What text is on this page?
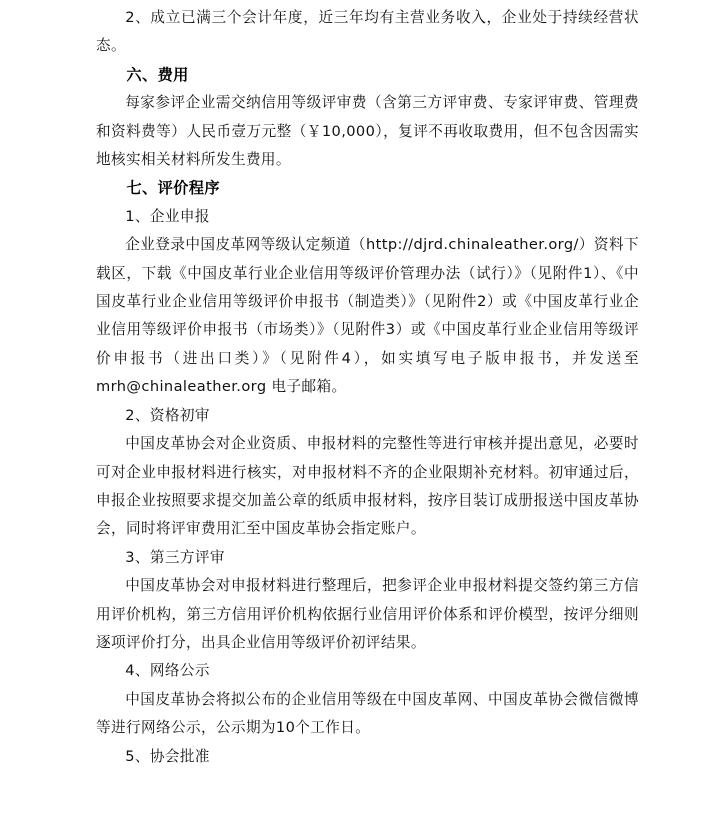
2、成立已满三个会计年度，近三年均有主营业务收入，企业处于持续经营状态。

六、费用

每家参评企业需交纳信用等级评审费（含第三方评审费、专家评审费、管理费和资料费等）人民币壹万元整（￥10,000），复评不再收取费用，但不包含因需实地核实相关材料所发生费用。

七、评价程序

1、企业申报

企业登录中国皮革网等级认定频道（http://djrd.chinaleather.org/）资料下载区，下载《中国皮革行业企业信用等级评价管理办法（试行）》（见附件1）、《中国皮革行业企业信用等级评价申报书（制造类）》（见附件2）或《中国皮革行业企业信用等级评价申报书（市场类）》（见附件3）或《中国皮革行业企业信用等级评价申报书（进出口类）》（见附件4），如实填写电子版申报书，并发送至 mrh@chinaleather.org 电子邮箱。

2、资格初审

中国皮革协会对企业资质、申报材料的完整性等进行审核并提出意见，必要时可对企业申报材料进行核实，对申报材料不齐的企业限期补充材料。初审通过后，申报企业按照要求提交加盖公章的纸质申报材料，按序目装订成册报送中国皮革协会，同时将评审费用汇至中国皮革协会指定账户。

3、第三方评审

中国皮革协会对申报材料进行整理后，把参评企业申报材料提交签约第三方信用评价机构，第三方信用评价机构依据行业信用评价体系和评价模型，按评分细则逐项评价打分，出具企业信用等级评价初评结果。

4、网络公示

中国皮革协会将拟公布的企业信用等级在中国皮革网、中国皮革协会微信微博等进行网络公示，公示期为10个工作日。

5、协会批准
